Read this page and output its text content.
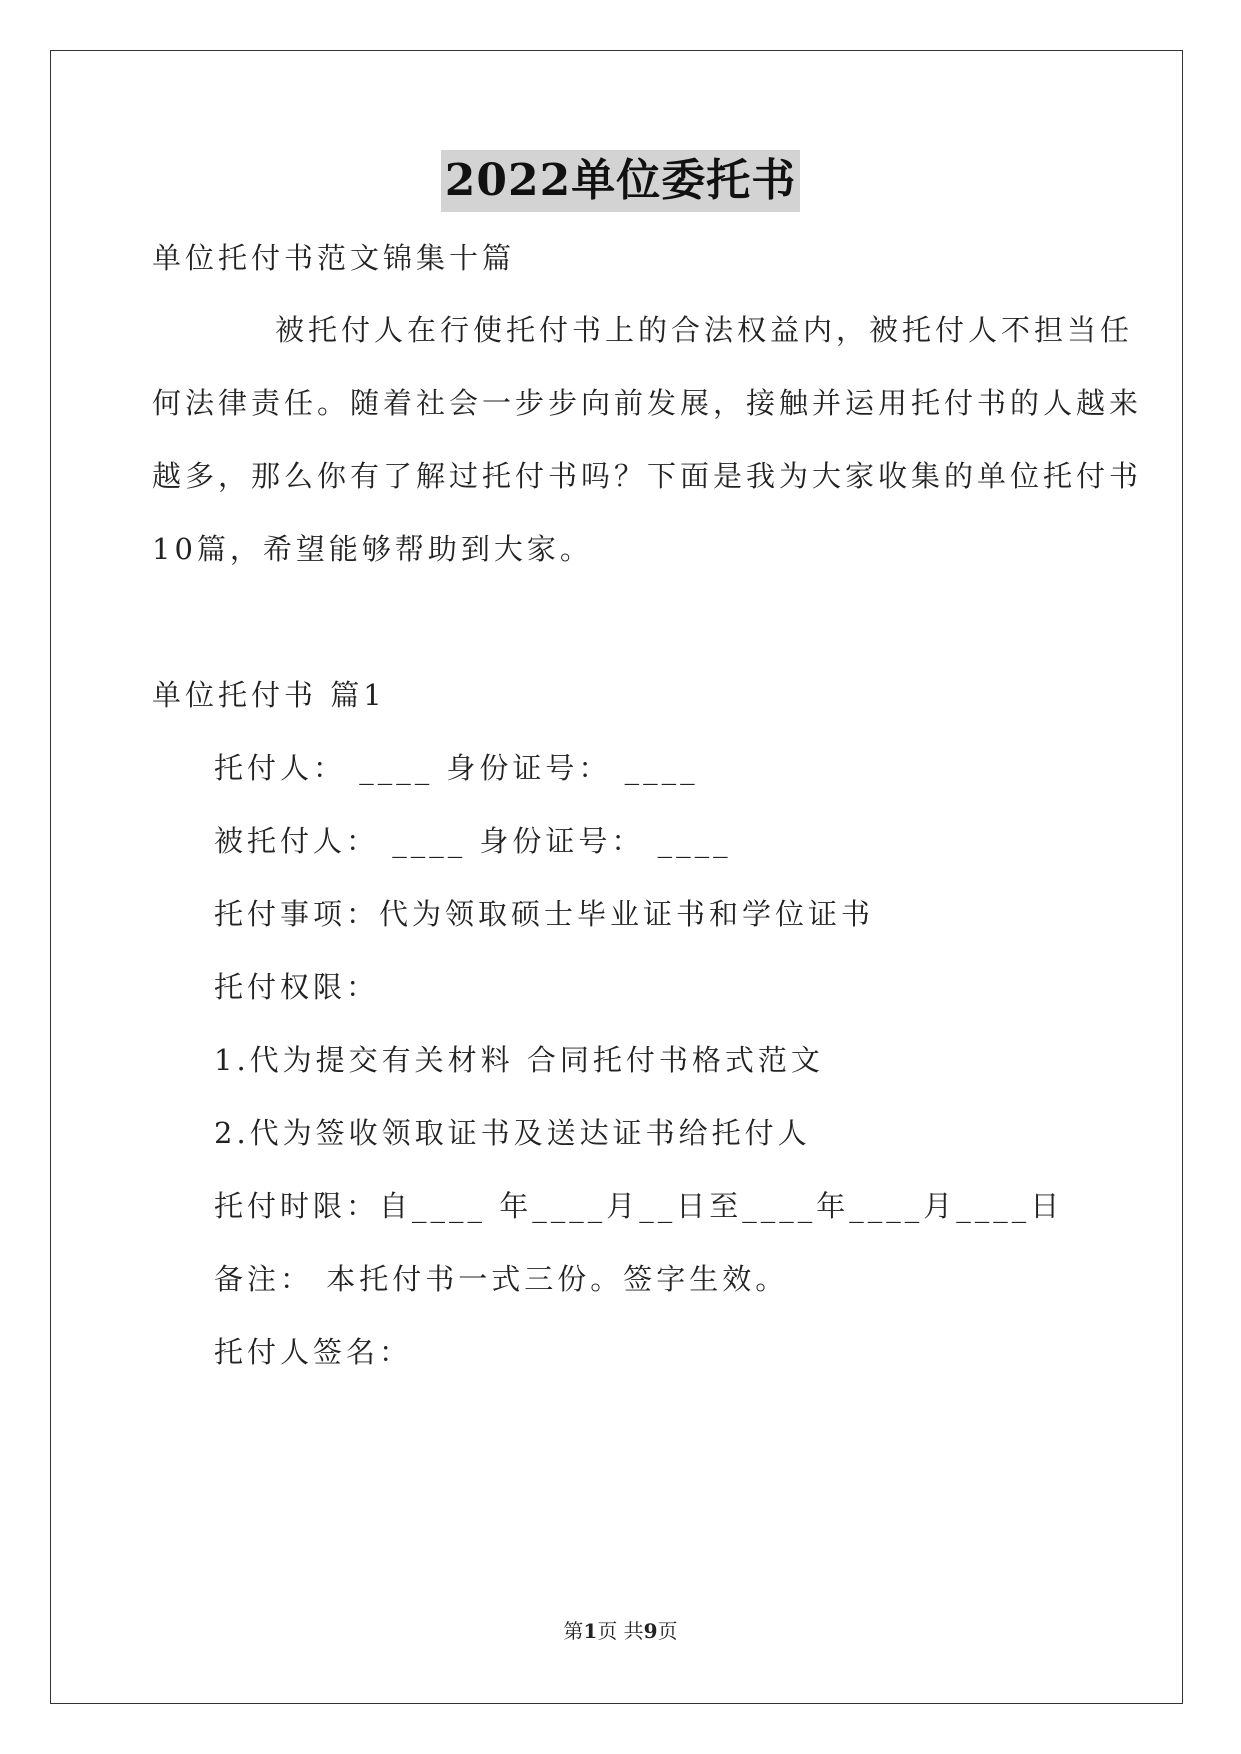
2022单位委托书
单位托付书范文锦集十篇
被托付人在行使托付书上的合法权益内，被托付人不担当任
何法律责任。随着社会一步步向前发展，接触并运用托付书的人越来
越多，那么你有了解过托付书吗？下面是我为大家收集的单位托付书
10篇，希望能够帮助到大家。
单位托付书 篇1
托付人： ____ 身份证号： ____
被托付人： ____ 身份证号： ____
托付事项：代为领取硕士毕业证书和学位证书
托付权限：
1.代为提交有关材料 合同托付书格式范文
2.代为签收领取证书及送达证书给托付人
托付时限：自____ 年____月__日至____年____月____日
备注： 本托付书一式三份。签字生效。
托付人签名：
第1页 共9页
